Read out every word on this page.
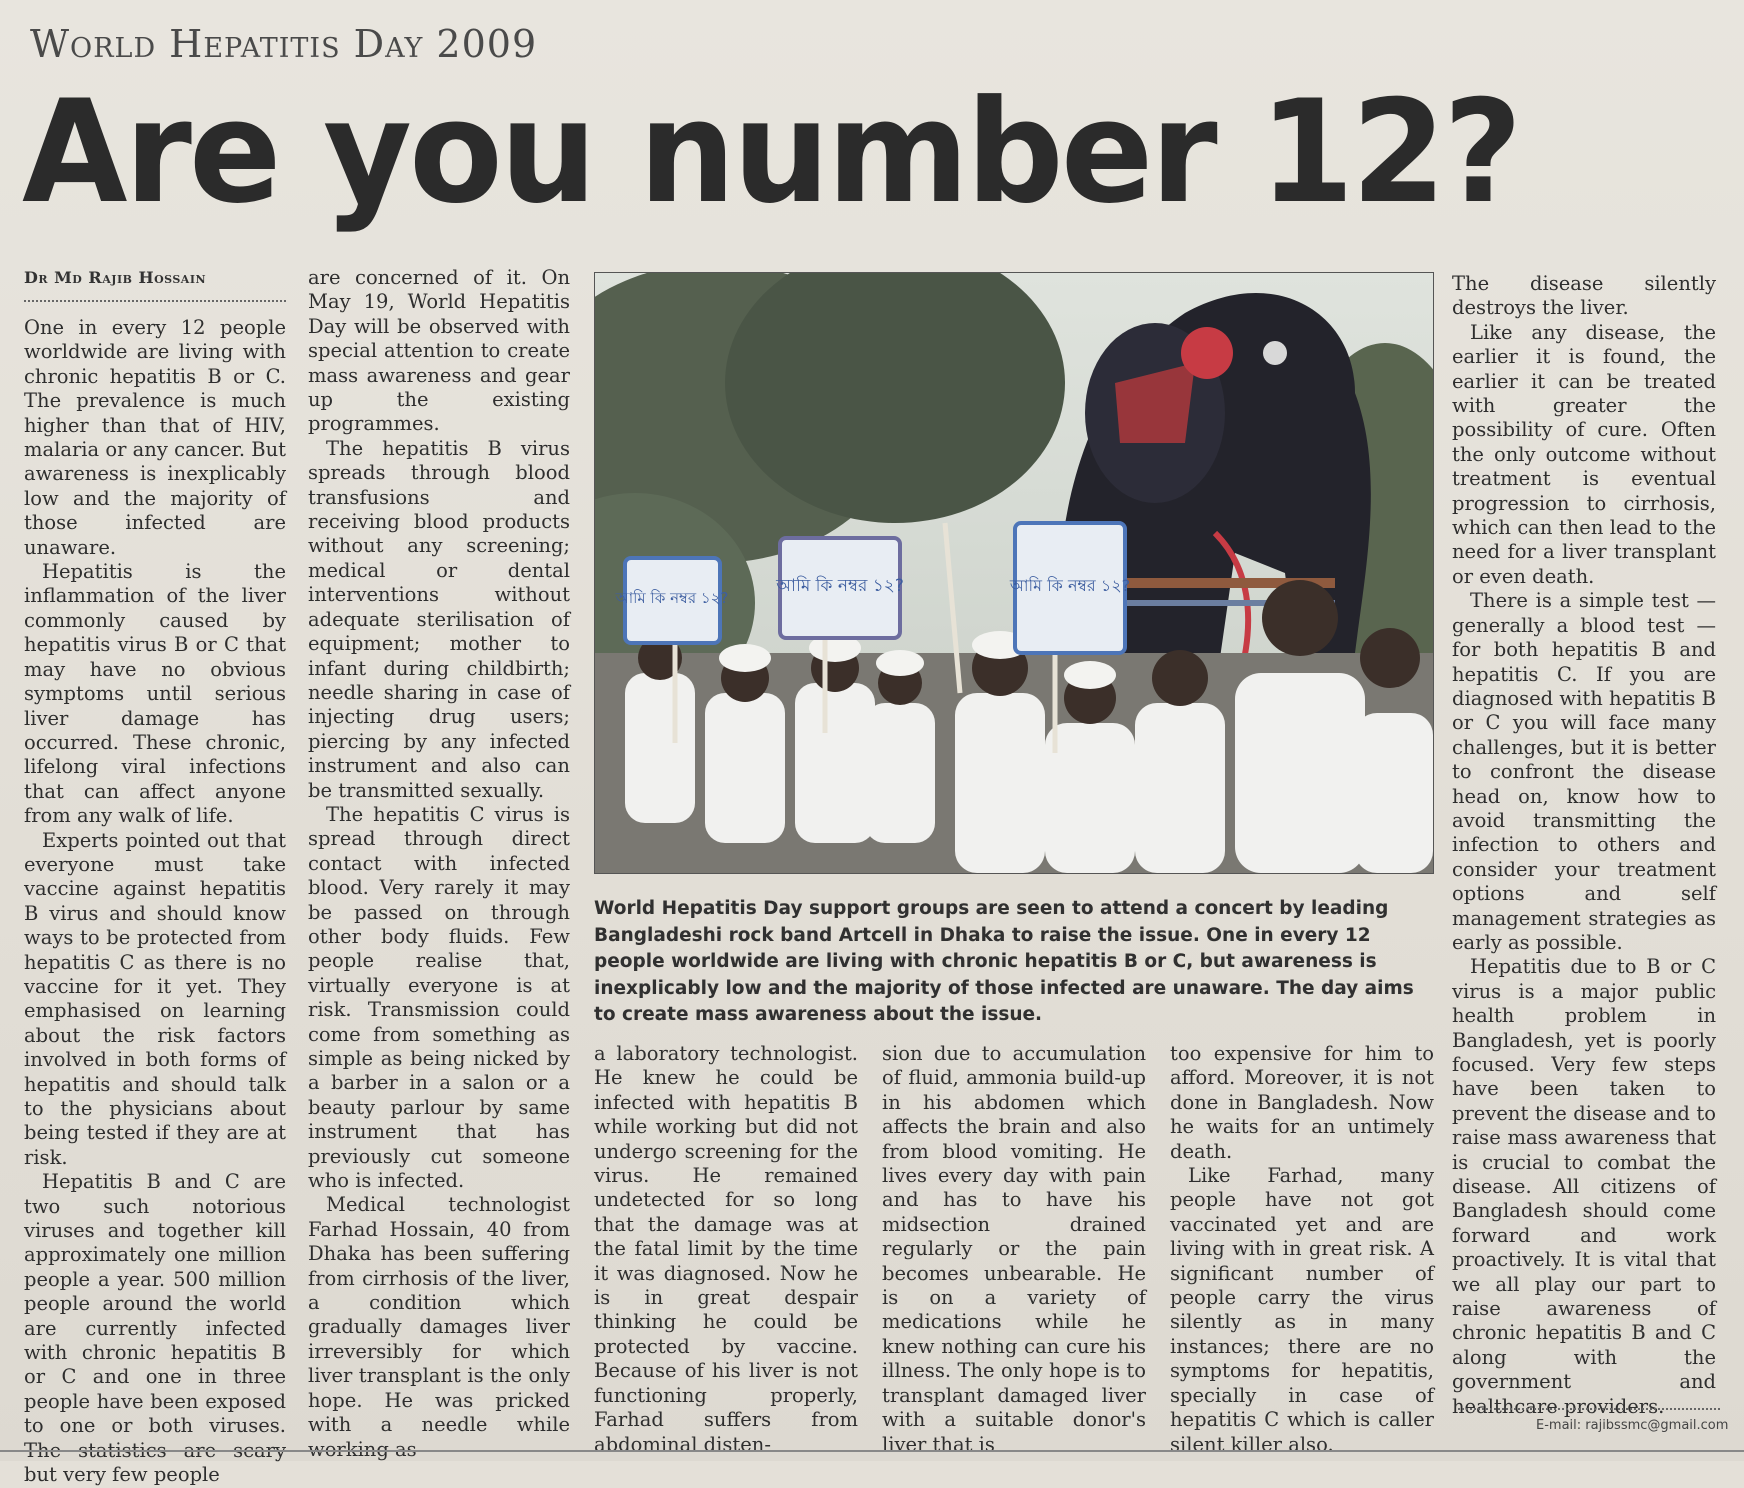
World Hepatitis Day 2009
Are you number 12?
Dr Md Rajib Hossain

One in every 12 people worldwide are living with chronic hepatitis B or C. The prevalence is much higher than that of HIV, malaria or any cancer. But awareness is inexplicably low and the majority of those infected are unaware.

Hepatitis is the inflammation of the liver commonly caused by hepatitis virus B or C that may have no obvious symptoms until serious liver damage has occurred. These chronic, lifelong viral infections that can affect anyone from any walk of life.

Experts pointed out that everyone must take vaccine against hepatitis B virus and should know ways to be protected from hepatitis C as there is no vaccine for it yet. They emphasised on learning about the risk factors involved in both forms of hepatitis and should talk to the physicians about being tested if they are at risk.

Hepatitis B and C are two such notorious viruses and together kill approximately one million people a year. 500 million people around the world are currently infected with chronic hepatitis B or C and one in three people have been exposed to one or both viruses. The statistics are scary but very few people

are concerned of it. On May 19, World Hepatitis Day will be observed with special attention to create mass awareness and gear up the existing programmes.

The hepatitis B virus spreads through blood transfusions and receiving blood products without any screening; medical or dental interventions without adequate sterilisation of equipment; mother to infant during childbirth; needle sharing in case of injecting drug users; piercing by any infected instrument and also can be transmitted sexually.

The hepatitis C virus is spread through direct contact with infected blood. Very rarely it may be passed on through other body fluids. Few people realise that, virtually everyone is at risk. Transmission could come from something as simple as being nicked by a barber in a salon or a beauty parlour by same instrument that has previously cut someone who is infected.

Medical technologist Farhad Hossain, 40 from Dhaka has been suffering from cirrhosis of the liver, a condition which gradually damages liver irreversibly for which liver transplant is the only hope. He was pricked with a needle while working as

আমি কি নম্বর ১২?
আমি কি নম্বর ১২?	আমি কি নম্বর ১২?
World Hepatitis Day support groups are seen to attend a concert by leading Bangladeshi rock band Artcell in Dhaka to raise the issue. One in every 12 people worldwide are living with chronic hepatitis B or C, but awareness is inexplicably low and the majority of those infected are unaware. The day aims to create mass awareness about the issue.

a laboratory technologist. He knew he could be infected with hepatitis B while working but did not undergo screening for the virus. He remained undetected for so long that the damage was at the fatal limit by the time it was diagnosed. Now he is in great despair thinking he could be protected by vaccine. Because of his liver is not functioning properly, Farhad suffers from abdominal disten-

sion due to accumulation of fluid, ammonia build-up in his abdomen which affects the brain and also from blood vomiting. He lives every day with pain and has to have his midsection drained regularly or the pain becomes unbearable. He is on a variety of medications while he knew nothing can cure his illness. The only hope is to transplant damaged liver with a suitable donor's liver that is

too expensive for him to afford. Moreover, it is not done in Bangladesh. Now he waits for an untimely death.

Like Farhad, many people have not got vaccinated yet and are living with in great risk. A significant number of people carry the virus silently as in many instances; there are no symptoms for hepatitis, specially in case of hepatitis C which is caller silent killer also.

The disease silently destroys the liver.

Like any disease, the earlier it is found, the earlier it can be treated with greater the possibility of cure. Often the only outcome without treatment is eventual progression to cirrhosis, which can then lead to the need for a liver transplant or even death.

There is a simple test — generally a blood test — for both hepatitis B and hepatitis C. If you are diagnosed with hepatitis B or C you will face many challenges, but it is better to confront the disease head on, know how to avoid transmitting the infection to others and consider your treatment options and self management strategies as early as possible.

Hepatitis due to B or C virus is a major public health problem in Bangladesh, yet is poorly focused. Very few steps have been taken to prevent the disease and to raise mass awareness that is crucial to combat the disease. All citizens of Bangladesh should come forward and work proactively. It is vital that we all play our part to raise awareness of chronic hepatitis B and C along with the government and healthcare providers.

E-mail: rajibssmc@gmail.com
